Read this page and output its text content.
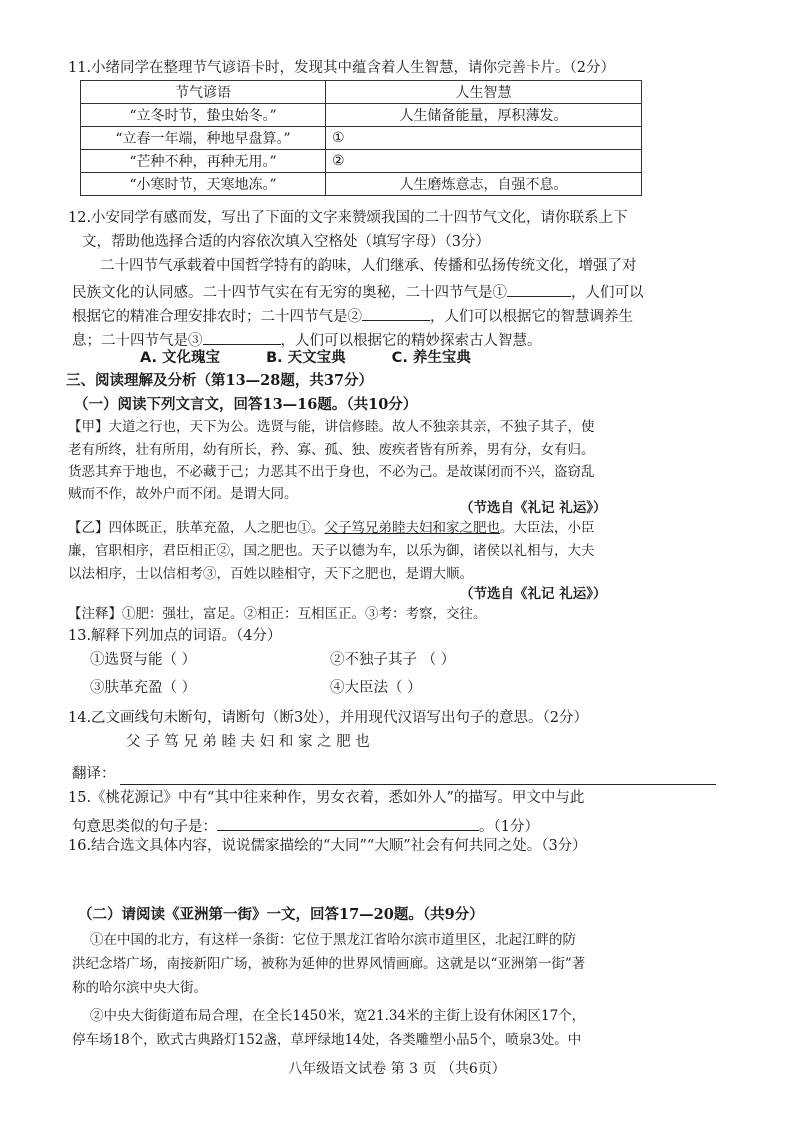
11.小绪同学在整理节气谚语卡时，发现其中蕴含着人生智慧，请你完善卡片。（2分）
节气谚语	人生智慧
“立冬时节，蛰虫始冬。”	人生储备能量，厚积薄发。
“立春一年端，种地早盘算。”	①
“芒种不种，再种无用。”	②
“小寒时节，天寒地冻。”	人生磨炼意志，自强不息。
12.小安同学有感而发，写出了下面的文字来赞颂我国的二十四节气文化，请你联系上下
文，帮助他选择合适的内容依次填入空格处（填写字母）（3分）
二十四节气承载着中国哲学特有的韵味，人们继承、传播和弘扬传统文化，增强了对
民族文化的认同感。二十四节气实在有无穷的奥秘，二十四节气是①	，人们可以
根据它的精准合理安排农时；二十四节气是②	，人们可以根据它的智慧调养生
息；二十四节气是③	，人们可以根据它的精妙探索古人智慧。
A. 文化瑰宝	B. 天文宝典	C. 养生宝典
三、阅读理解及分析（第13—28题，共37分）
（一）阅读下列文言文，回答13—16题。（共10分）
【甲】大道之行也，天下为公。选贤与能，讲信修睦。故人不独亲其亲，不独子其子，使
老有所终，壮有所用，幼有所长，矜、寡、孤、独、废疾者皆有所养，男有分，女有归。
货恶其弃于地也，不必藏于己；力恶其不出于身也，不必为己。是故谋闭而不兴，盗窃乱
贼而不作，故外户而不闭。是谓大同。
（节选自《礼记 礼运》）
【乙】四体既正，肤革充盈，人之肥也①。父子笃兄弟睦夫妇和家之肥也。大臣法，小臣
廉，官职相序，君臣相正②，国之肥也。天子以德为车，以乐为御，诸侯以礼相与，大夫
以法相序，士以信相考③，百姓以睦相守，天下之肥也，是谓大顺。
（节选自《礼记 礼运》）
【注释】①肥：强壮，富足。②相正：互相匡正。③考：考察，交往。
13.解释下列加点的词语。（4分）
①选贤与能（ ）	②不独子其子 （ ）
③肤革充盈（ ）	④大臣法（ ）
14.乙文画线句未断句，请断句（断3处），并用现代汉语写出句子的意思。（2分）
父 子 笃 兄 弟 睦 夫 妇 和 家 之 肥 也
翻译：
15.《桃花源记》中有“其中往来种作，男女衣着，悉如外人”的描写。甲文中与此
句意思类似的句子是：	。（1分）
16.结合选文具体内容，说说儒家描绘的“大同”“大顺”社会有何共同之处。（3分）
（二）请阅读《亚洲第一街》一文，回答17—20题。（共9分）
①在中国的北方，有这样一条街：它位于黑龙江省哈尔滨市道里区，北起江畔的防
洪纪念塔广场，南接新阳广场，被称为延伸的世界风情画廊。这就是以“亚洲第一街”著
称的哈尔滨中央大街。
②中央大街街道布局合理，在全长1450米，宽21.34米的主街上设有休闲区17个，
停车场18个，欧式古典路灯152盏，草坪绿地14处，各类雕塑小品5个，喷泉3处。中
八年级语文试卷 第 3 页 （共6页）
